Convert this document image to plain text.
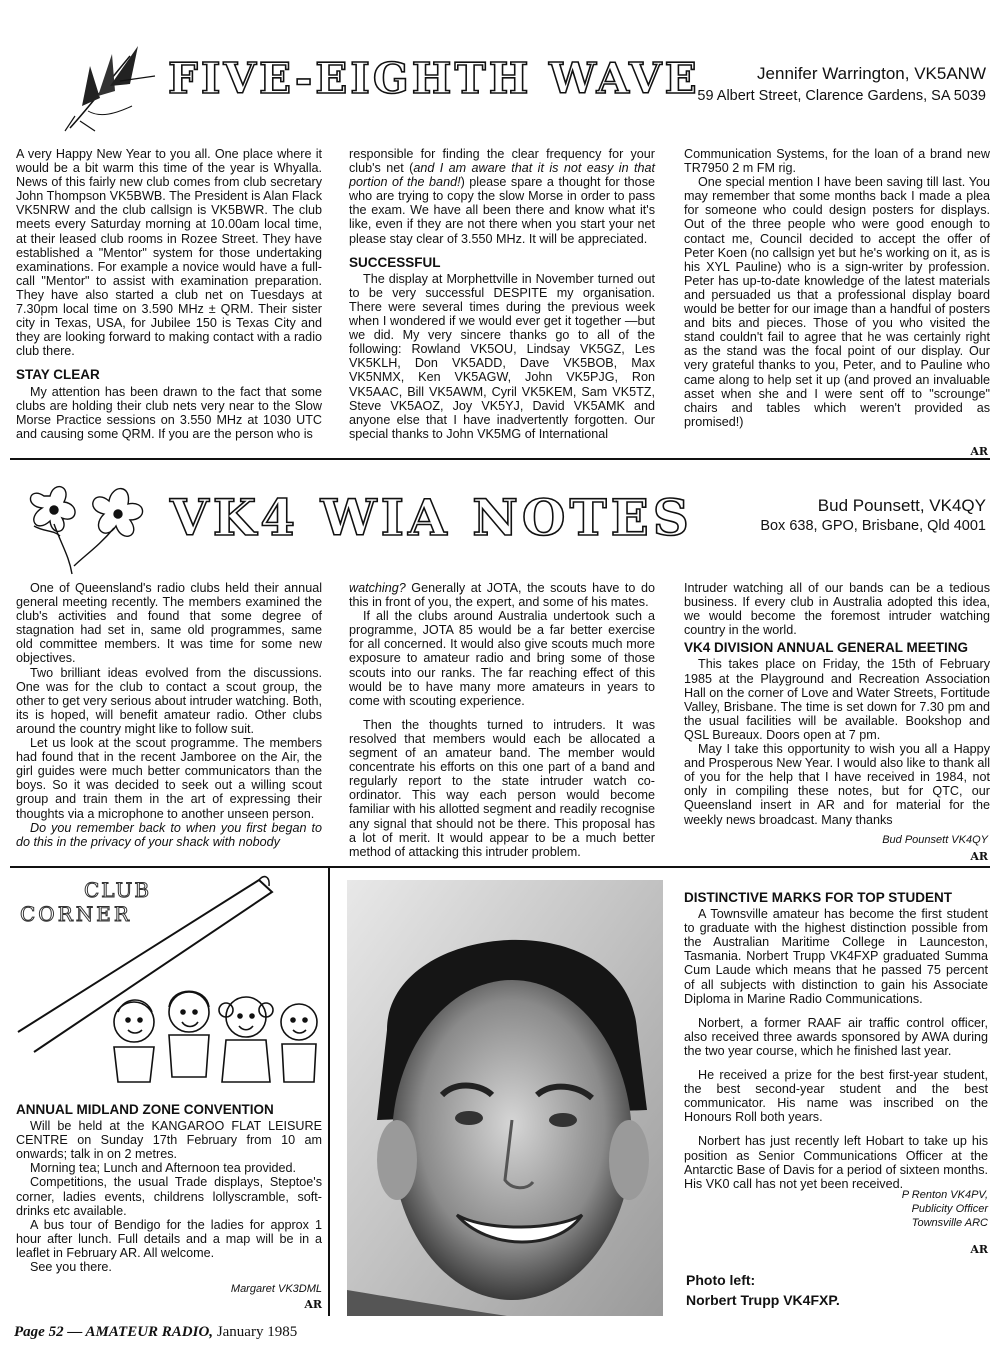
FIVE-EIGHTH WAVE	Jennifer Warrington, VK5ANW
59 Albert Street, Clarence Gardens, SA 5039

A very Happy New Year to you all. One place where it would be a bit warm this time of the year is Whyalla. News of this fairly new club comes from club secretary John Thompson VK5BWB. The President is Alan Flack VK5NRW and the club callsign is VK5BWR. The club meets every Saturday morning at 10.00am local time, at their leased club rooms in Rozee Street. They have established a "Mentor" system for those undertaking examinations. For example a novice would have a full-call "Mentor" to assist with examination preparation. They have also started a club net on Tuesdays at 7.30pm local time on 3.590 MHz ± QRM. Their sister city in Texas, USA, for Jubilee 150 is Texas City and they are looking forward to making contact with a radio club there.

STAY CLEAR

My attention has been drawn to the fact that some clubs are holding their club nets very near to the Slow Morse Practice sessions on 3.550 MHz at 1030 UTC and causing some QRM. If you are the person who is

responsible for finding the clear frequency for your club's net (and I am aware that it is not easy in that portion of the band!) please spare a thought for those who are trying to copy the slow Morse in order to pass the exam. We have all been there and know what it's like, even if they are not there when you start your net please stay clear of 3.550 MHz. It will be appreciated.

SUCCESSFUL

The display at Morphettville in November turned out to be very successful DESPITE my organisation. There were several times during the previous week when I wondered if we would ever get it together —but we did. My very sincere thanks go to all of the following: Rowland VK5OU, Lindsay VK5GZ, Les VK5KLH, Don VK5ADD, Dave VK5BOB, Max VK5NMX, Ken VK5AGW, John VK5PJG, Ron VK5AAC, Bill VK5AWM, Cyril VK5KEM, Sam VK5TZ, Steve VK5AOZ, Joy VK5YJ, David VK5AMK and anyone else that I have inadvertently forgotten. Our special thanks to John VK5MG of International

Communication Systems, for the loan of a brand new TR7950 2 m FM rig.

One special mention I have been saving till last. You may remember that some months back I made a plea for someone who could design posters for displays. Out of the three people who were good enough to contact me, Council decided to accept the offer of Peter Koen (no callsign yet but he's working on it, as is his XYL Pauline) who is a sign-writer by profession. Peter has up-to-date knowledge of the latest materials and persuaded us that a professional display board would be better for our image than a handful of posters and bits and pieces. Those of you who visited the stand couldn't fail to agree that he was certainly right as the stand was the focal point of our display. Our very grateful thanks to you, Peter, and to Pauline who came along to help set it up (and proved an invaluable asset when she and I were sent off to "scrounge" chairs and tables which weren't provided as promised!)

AR
VK4 WIA NOTES	Bud Pounsett, VK4QY
Box 638, GPO, Brisbane, Qld 4001

One of Queensland's radio clubs held their annual general meeting recently. The members examined the club's activities and found that some degree of stagnation had set in, same old programmes, same old committee members. It was time for some new objectives.

Two brilliant ideas evolved from the discussions. One was for the club to contact a scout group, the other to get very serious about intruder watching. Both, its is hoped, will benefit amateur radio. Other clubs around the country might like to follow suit.

Let us look at the scout programme. The members had found that in the recent Jamboree on the Air, the girl guides were much better communicators than the boys. So it was decided to seek out a willing scout group and train them in the art of expressing their thoughts via a microphone to another unseen person.

Do you remember back to when you first began to do this in the privacy of your shack with nobody

watching? Generally at JOTA, the scouts have to do this in front of you, the expert, and some of his mates.

If all the clubs around Australia undertook such a programme, JOTA 85 would be a far better exercise for all concerned. It would also give scouts much more exposure to amateur radio and bring some of those scouts into our ranks. The far reaching effect of this would be to have many more amateurs in years to come with scouting experience.

Then the thoughts turned to intruders. It was resolved that members would each be allocated a segment of an amateur band. The member would concentrate his efforts on this one part of a band and regularly report to the state intruder watch co-ordinator. This way each person would become familiar with his allotted segment and readily recognise any signal that should not be there. This proposal has a lot of merit. It would appear to be a much better method of attacking this intruder problem.

Intruder watching all of our bands can be a tedious business. If every club in Australia adopted this idea, we would become the foremost intruder watching country in the world.

VK4 DIVISION ANNUAL GENERAL MEETING

This takes place on Friday, the 15th of February 1985 at the Playground and Recreation Association Hall on the corner of Love and Water Streets, Fortitude Valley, Brisbane. The time is set down for 7.30 pm and the usual facilities will be available. Bookshop and QSL Bureaux. Doors open at 7 pm.

May I take this opportunity to wish you all a Happy and Prosperous New Year. I would also like to thank all of you for the help that I have received in 1984, not only in compiling these notes, but for QTC, our Queensland insert in AR and for material for the weekly news broadcast. Many thanks

Bud Pounsett VK4QY
AR
CLUB
CORNER
ANNUAL MIDLAND ZONE CONVENTION

Will be held at the KANGAROO FLAT LEISURE CENTRE on Sunday 17th February from 10 am onwards; talk in on 2 metres.

Morning tea; Lunch and Afternoon tea provided.

Competitions, the usual Trade displays, Steptoe's corner, ladies events, childrens lollyscramble, soft-drinks etc available.

A bus tour of Bendigo for the ladies for approx 1 hour after lunch. Full details and a map will be in a leaflet in February AR. All welcome.

See you there.

Margaret VK3DML
AR
DISTINCTIVE MARKS FOR TOP STUDENT

A Townsville amateur has become the first student to graduate with the highest distinction possible from the Australian Maritime College in Launceston, Tasmania. Norbert Trupp VK4FXP graduated Summa Cum Laude which means that he passed 75 percent of all subjects with distinction to gain his Associate Diploma in Marine Radio Communications.

Norbert, a former RAAF air traffic control officer, also received three awards sponsored by AWA during the two year course, which he finished last year.

He received a prize for the best first-year student, the best second-year student and the best communicator. His name was inscribed on the Honours Roll both years.

Norbert has just recently left Hobart to take up his position as Senior Communications Officer at the Antarctic Base of Davis for a period of sixteen months. His VK0 call has not yet been received.

P Renton VK4PV,
Publicity Officer
Townsville ARC
AR
Photo left:
Norbert Trupp VK4FXP.
Page 52 — AMATEUR RADIO, January 1985
